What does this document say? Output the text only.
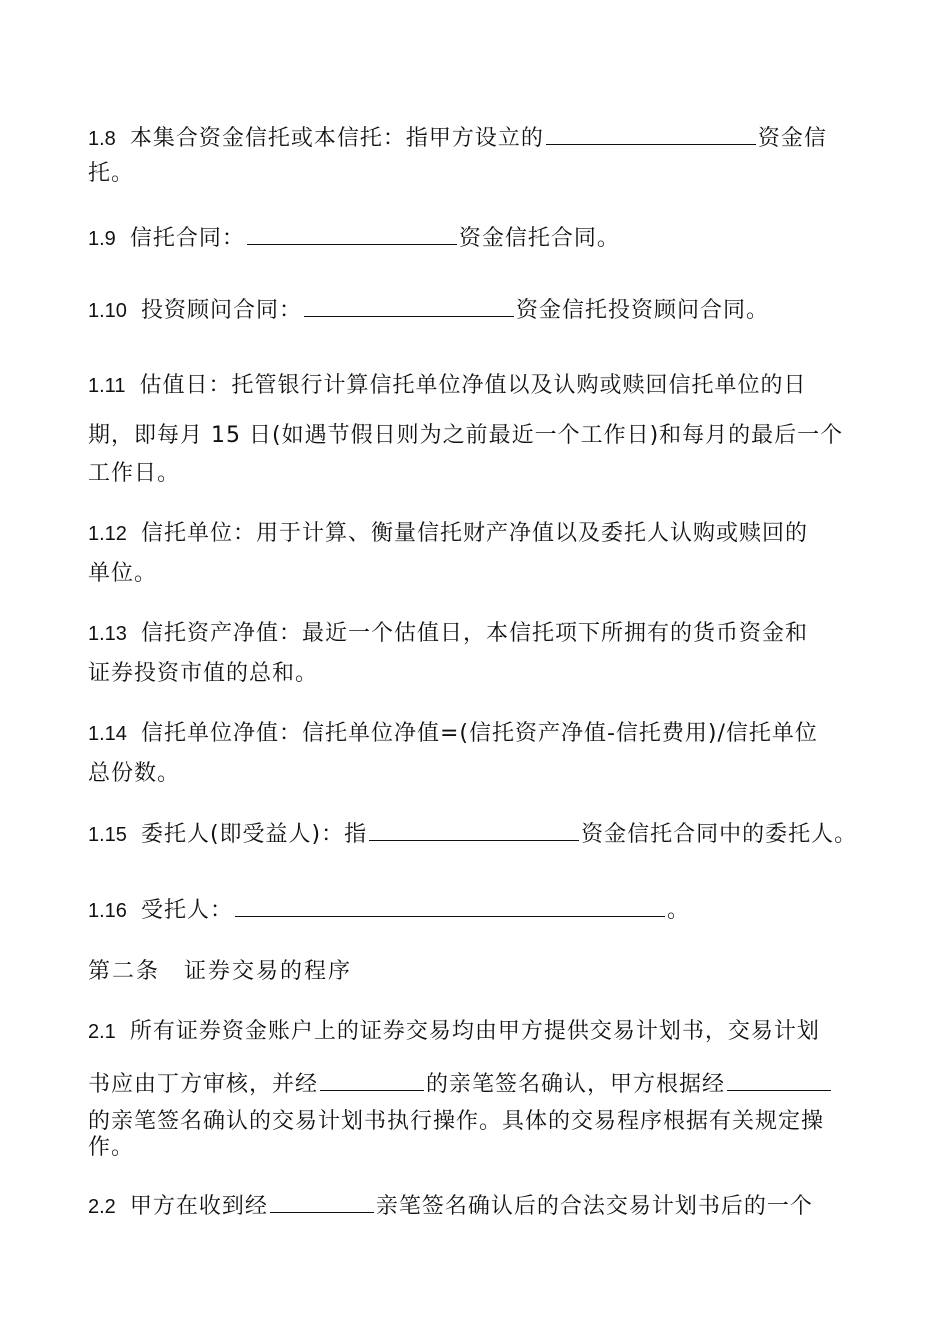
1.8 本集合资金信托或本信托：指甲方设立的	资金信
托。
1.9 信托合同：	资金信托合同。
1.10 投资顾问合同：	资金信托投资顾问合同。
1.11 估值日：托管银行计算信托单位净值以及认购或赎回信托单位的日
期，即每月 15 日(如遇节假日则为之前最近一个工作日)和每月的最后一个
工作日。
1.12 信托单位：用于计算、衡量信托财产净值以及委托人认购或赎回的
单位。
1.13 信托资产净值：最近一个估值日，本信托项下所拥有的货币资金和
证券投资市值的总和。
1.14 信托单位净值：信托单位净值=(信托资产净值-信托费用)/信托单位
总份数。
1.15 委托人(即受益人)：指	资金信托合同中的委托人。
1.16 受托人：	。
第二条　证券交易的程序
2.1 所有证券资金账户上的证券交易均由甲方提供交易计划书，交易计划
书应由丁方审核，并经	的亲笔签名确认，甲方根据经
的亲笔签名确认的交易计划书执行操作。具体的交易程序根据有关规定操
作。
2.2 甲方在收到经	亲笔签名确认后的合法交易计划书后的一个
